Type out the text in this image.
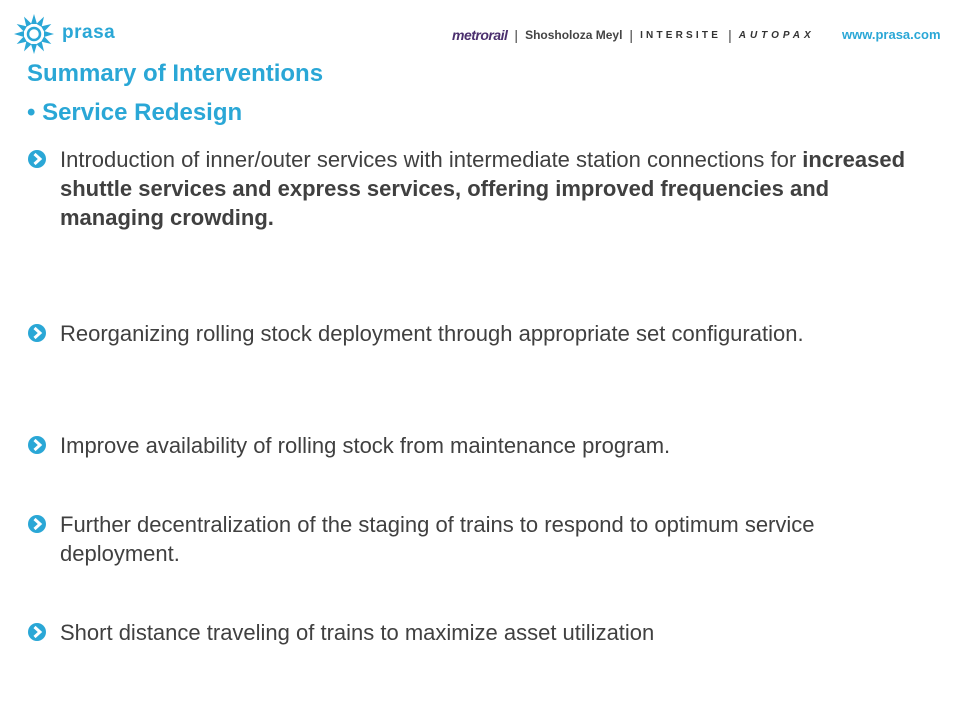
prasa	metrorail | Shosholoza Meyl | INTERSITE | AUTOPAX www.prasa.com
Summary of Interventions
• Service Redesign
Introduction of inner/outer services with intermediate station connections for increased shuttle services and express services, offering improved frequencies and managing crowding.
Reorganizing rolling stock deployment through appropriate set configuration.
Improve availability of rolling stock from maintenance program.
Further decentralization of the staging of trains to respond to optimum service deployment.
Short distance traveling of trains to maximize asset utilization
